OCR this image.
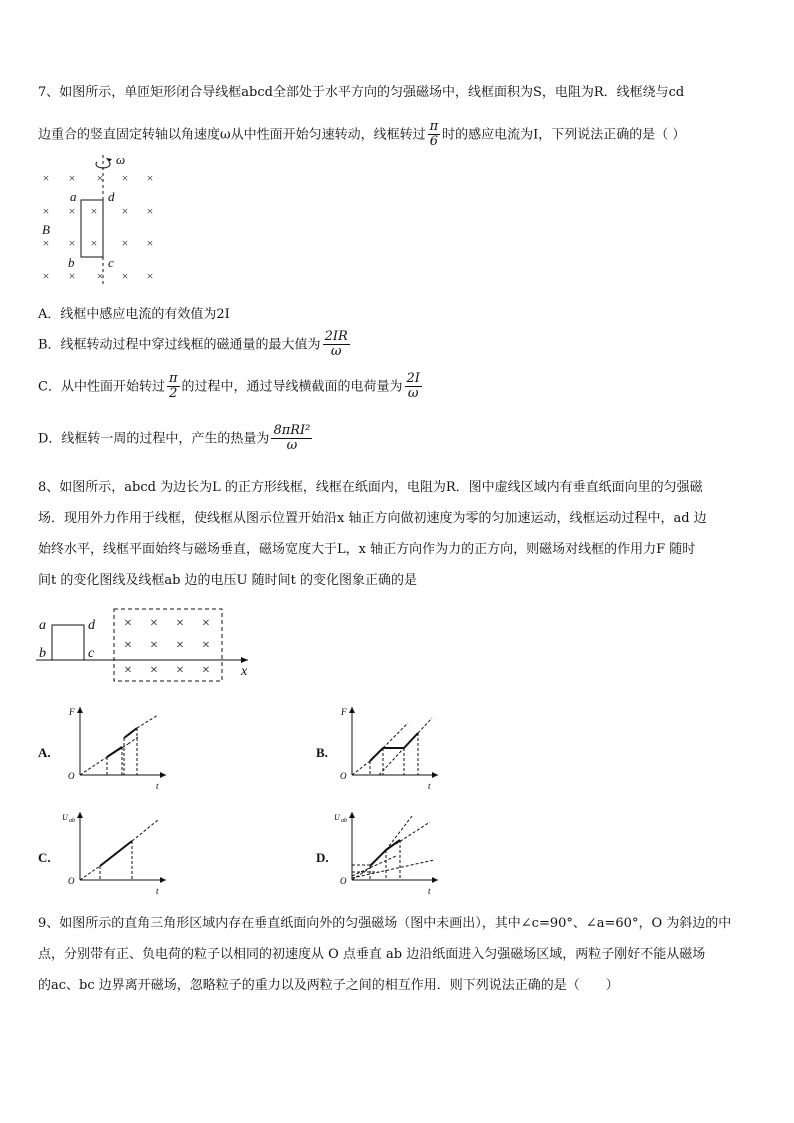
7、如图所示，单匝矩形闭合导线框abcd全部处于水平方向的匀强磁场中，线框面积为S，电阻为R．线框绕与cd
边重合的竖直固定转轴以角速度ω从中性面开始匀速转动，线框转过 $\frac{\pi}{6}$ 时的感应电流为I，下列说法正确的是（ ）
× × × × ×
× × × × ×
× × × × ×
× × × × ×
ω
a d
b	c
B
A．线框中感应电流的有效值为2I
B．线框转动过程中穿过线框的磁通量的最大值为 $\frac{2IR}{\omega}$
C．从中性面开始转过 $\frac{\pi}{2}$ 的过程中，通过导线横截面的电荷量为 $\frac{2I}{\omega}$
D．线框转一周的过程中，产生的热量为 $\frac{\text{8πRI²}}{\omega}$
8、如图所示，abcd 为边长为L 的正方形线框，线框在纸面内，电阻为R．图中虚线区域内有垂直纸面向里的匀强磁
场．现用外力作用于线框，使线框从图示位置开始沿x 轴正方向做初速度为零的匀加速运动，线框运动过程中，ad 边
始终水平，线框平面始终与磁场垂直，磁场宽度大于L，x 轴正方向作为力的正方向，则磁场对线框的作用力F 随时
间t 的变化图线及线框ab 边的电压U 随时间t 的变化图象正确的是
× × × ×
× × × ×
× × × ×
a	d
b	c
x
A.
F
O
t
B.
F
O
t
C.
U ab
O
t
D.
U ab
O
t
9、如图所示的直角三角形区域内存在垂直纸面向外的匀强磁场（图中未画出），其中∠c=90°、∠a=60°，O 为斜边的中
点，分别带有正、负电荷的粒子以相同的初速度从 O 点垂直 ab 边沿纸面进入匀强磁场区域，两粒子刚好不能从磁场
的ac、bc 边界离开磁场，忽略粒子的重力以及两粒子之间的相互作用．则下列说法正确的是（　　）
